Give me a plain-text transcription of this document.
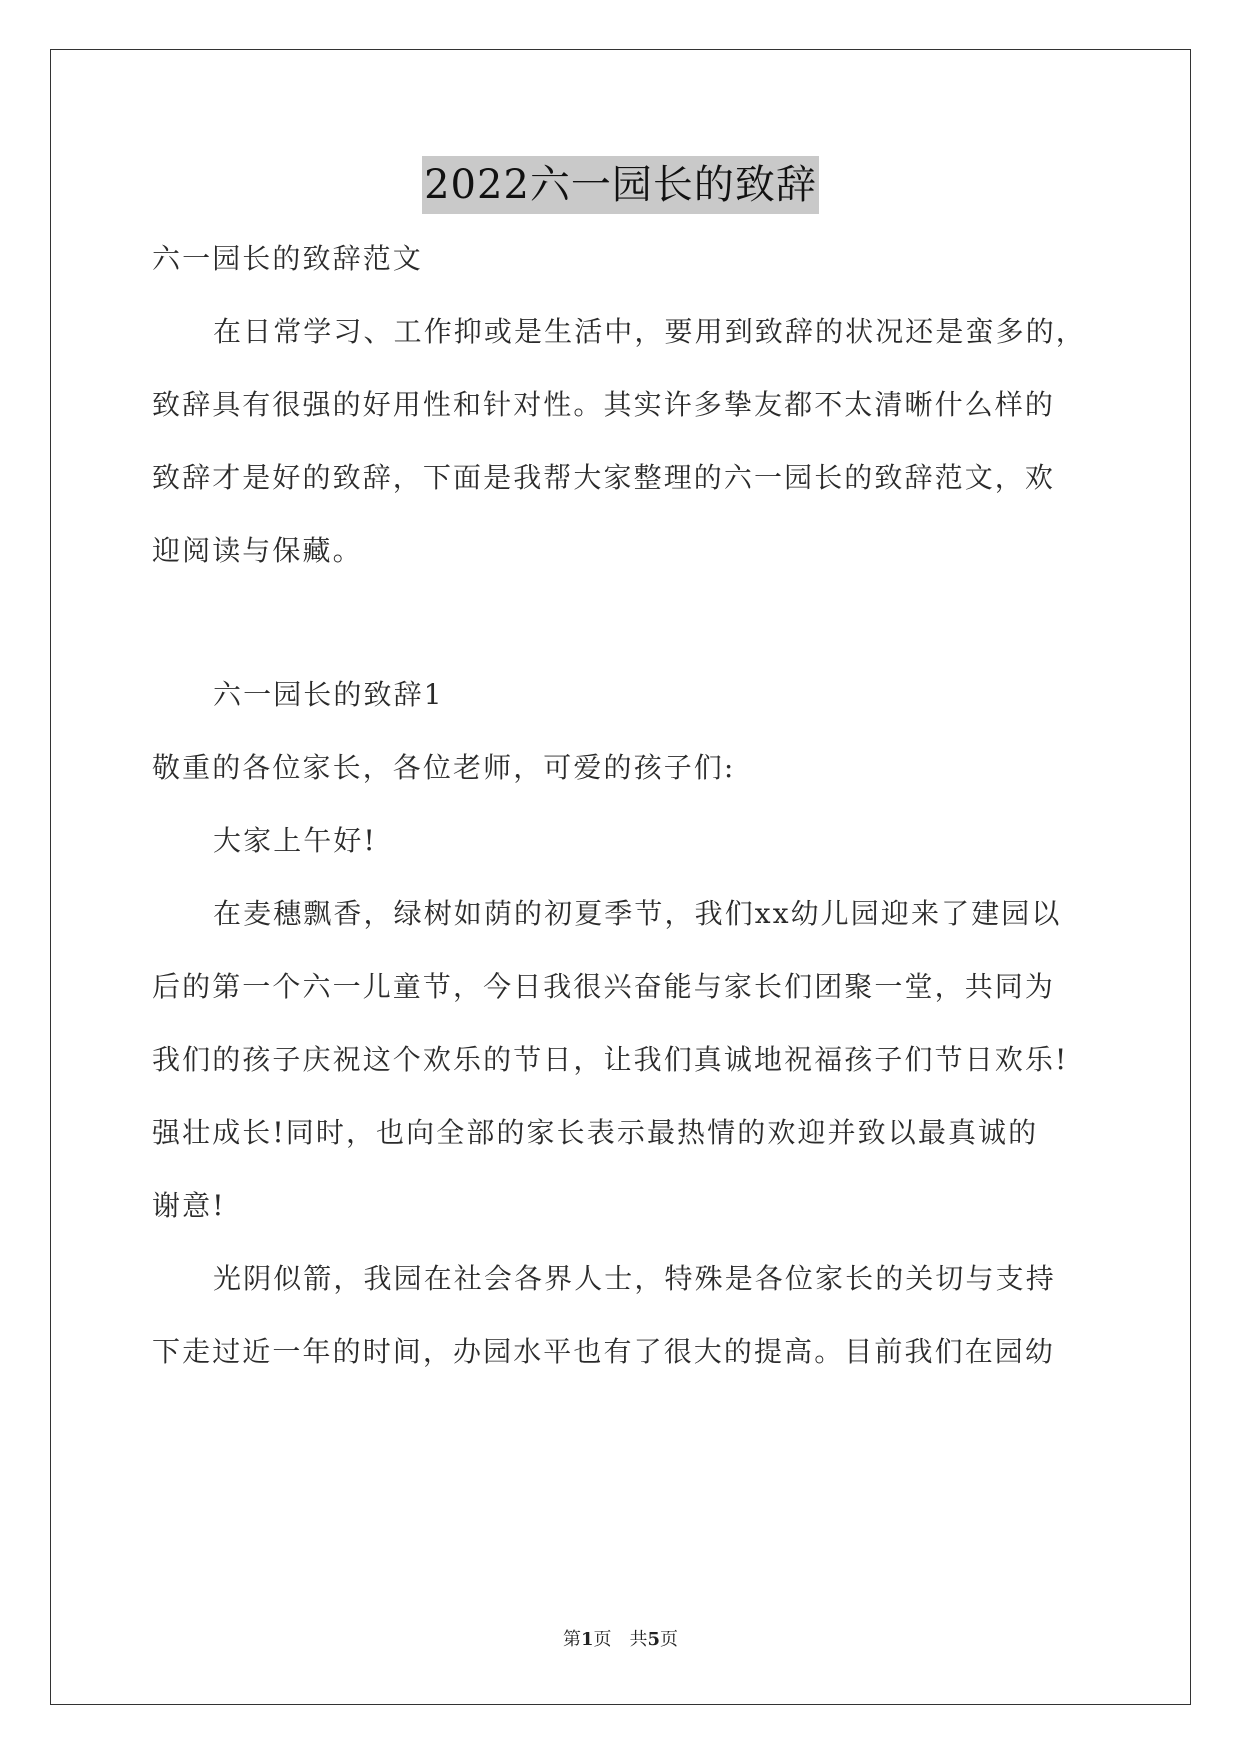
2022六一园长的致辞
六一园长的致辞范文
在日常学习、工作抑或是生活中，要用到致辞的状况还是蛮多的，
致辞具有很强的好用性和针对性。其实许多挚友都不太清晰什么样的
致辞才是好的致辞，下面是我帮大家整理的六一园长的致辞范文，欢
迎阅读与保藏。
六一园长的致辞1
敬重的各位家长，各位老师，可爱的孩子们:
大家上午好!
在麦穗飘香，绿树如荫的初夏季节，我们xx幼儿园迎来了建园以
后的第一个六一儿童节，今日我很兴奋能与家长们团聚一堂，共同为
我们的孩子庆祝这个欢乐的节日，让我们真诚地祝福孩子们节日欢乐!
强壮成长!同时，也向全部的家长表示最热情的欢迎并致以最真诚的
谢意!
光阴似箭，我园在社会各界人士，特殊是各位家长的关切与支持
下走过近一年的时间，办园水平也有了很大的提高。目前我们在园幼
第1页　共5页
